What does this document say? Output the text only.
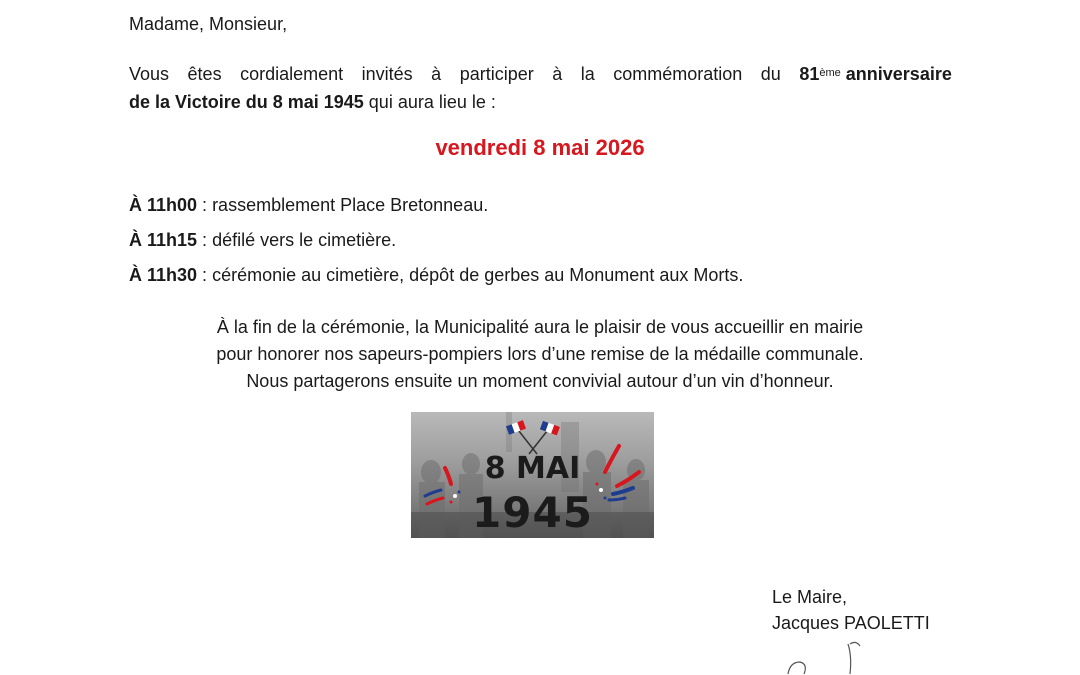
Madame, Monsieur,
Vous êtes cordialement invités à participer à la commémoration du 81ème anniversaire
de la Victoire du 8 mai 1945 qui aura lieu le :
vendredi 8 mai 2026
À 11h00 : rassemblement Place Bretonneau.
À 11h15 : défilé vers le cimetière.
À 11h30 : cérémonie au cimetière, dépôt de gerbes au Monument aux Morts.
À la fin de la cérémonie, la Municipalité aura le plaisir de vous accueillir en mairie
pour honorer nos sapeurs-pompiers lors d’une remise de la médaille communale.
Nous partagerons ensuite un moment convivial autour d’un vin d’honneur.
8 MAI
1945
Le Maire,
Jacques PAOLETTI
